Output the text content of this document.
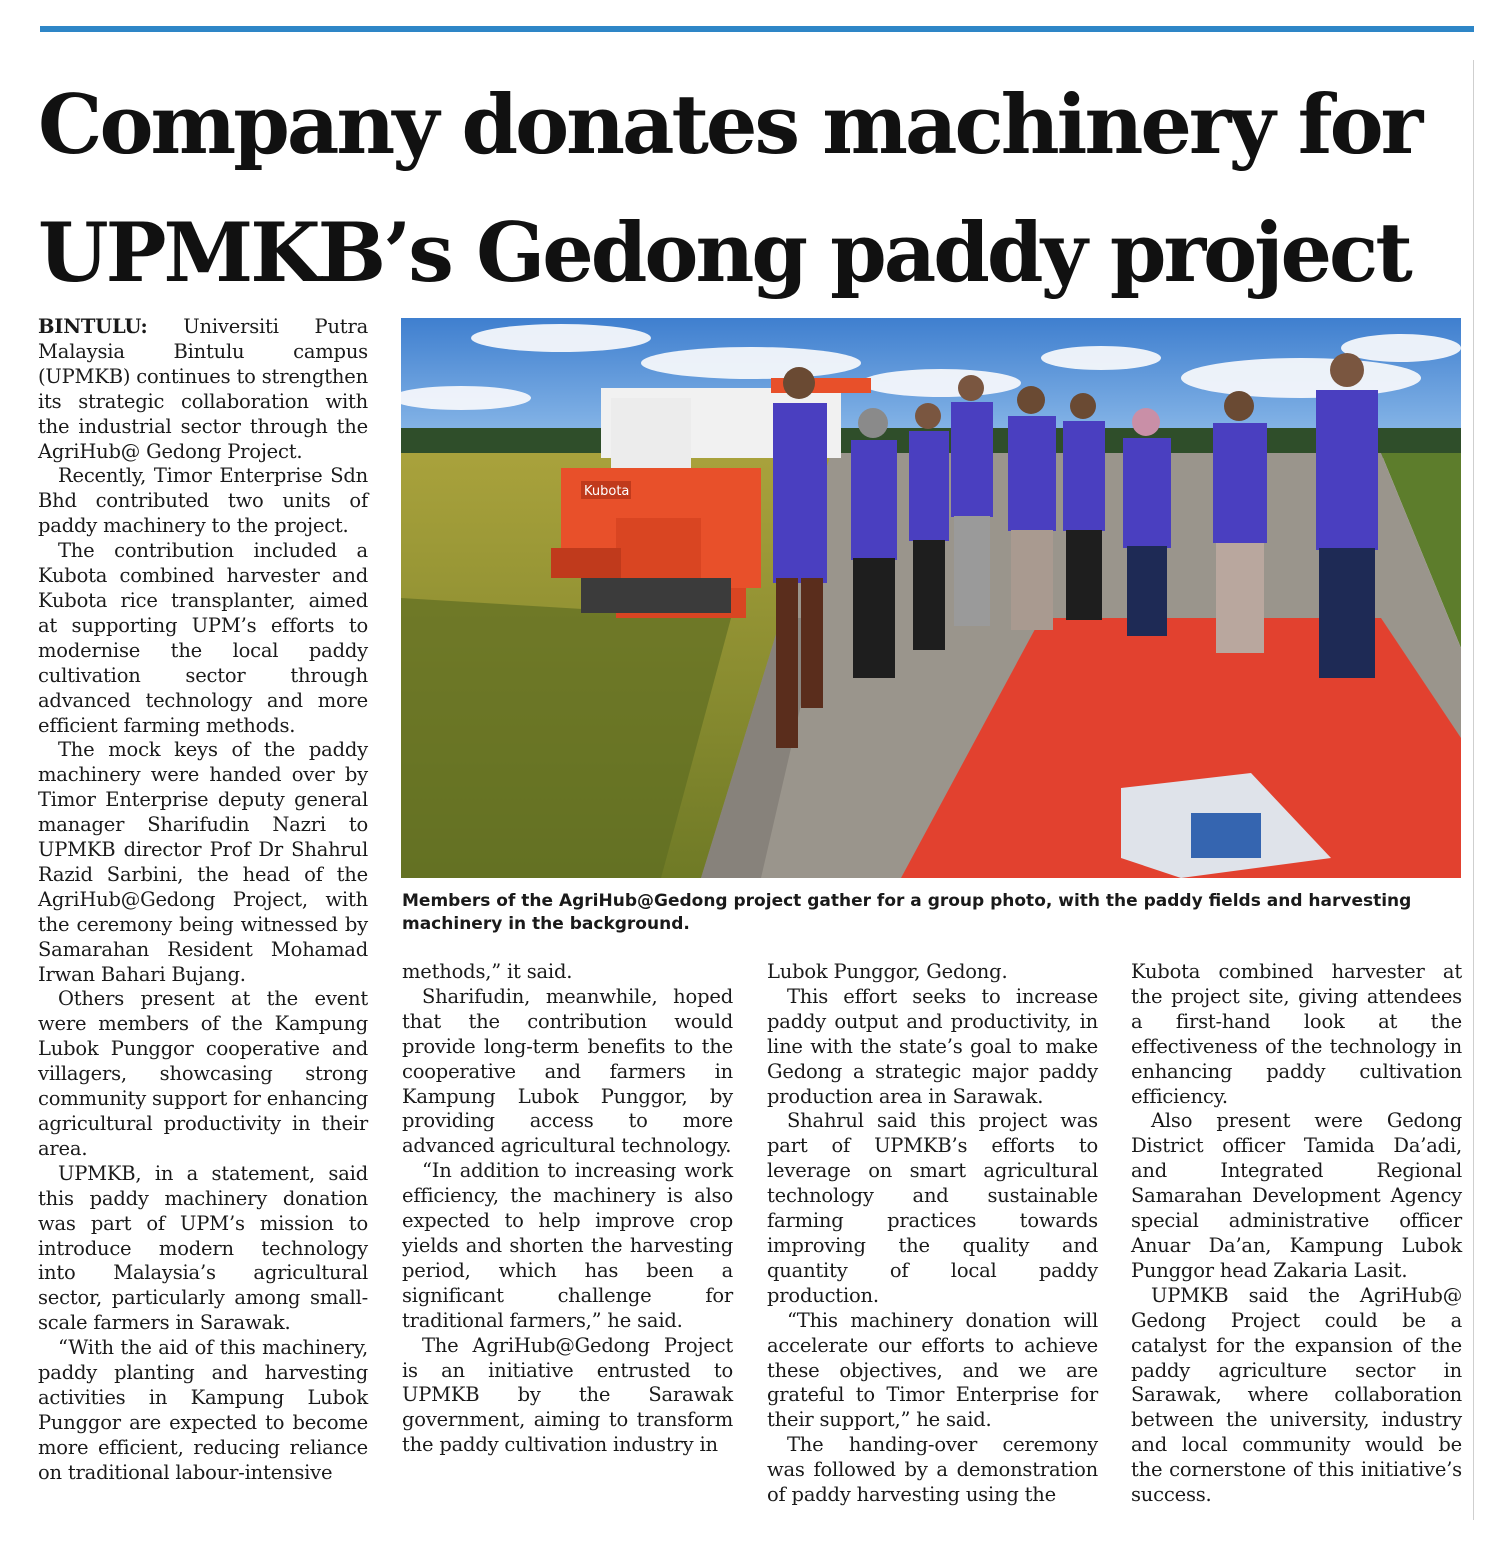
Company donates machinery for
UPMKB’s Gedong paddy project
Kubota

Members of the AgriHub@Gedong project gather for a group photo, with the paddy fields and harvesting machinery in the background.

BINTULU: Universiti Putra Malaysia Bintulu campus (UPMKB) continues to strengthen its strategic collaboration with the industrial sector through the AgriHub@ Gedong Project.

Recently, Timor Enterprise Sdn Bhd contributed two units of paddy machinery to the project.

The contribution included a Kubota combined harvester and Kubota rice transplanter, aimed at supporting UPM’s efforts to modernise the local paddy cultivation sector through advanced technology and more efficient farming methods.

The mock keys of the paddy machinery were handed over by Timor Enterprise deputy general manager Sharifudin Nazri to UPMKB director Prof Dr Shahrul Razid Sarbini, the head of the AgriHub@Gedong Project, with the ceremony being witnessed by Samarahan Resident Mohamad Irwan Bahari Bujang.

Others present at the event were members of the Kampung Lubok Punggor cooperative and villagers, showcasing strong community support for enhancing agricultural productivity in their area.

UPMKB, in a statement, said this paddy machinery donation was part of UPM’s mission to introduce modern technology into Malaysia’s agricultural sector, particularly among small-scale farmers in Sarawak.

“With the aid of this machinery, paddy planting and harvesting activities in Kampung Lubok Punggor are expected to become more efficient, reducing reliance on traditional labour-intensive

methods,” it said.

Sharifudin, meanwhile, hoped that the contribution would provide long-term benefits to the cooperative and farmers in Kampung Lubok Punggor, by providing access to more advanced agricultural technology.

“In addition to increasing work efficiency, the machinery is also expected to help improve crop yields and shorten the harvesting period, which has been a significant challenge for traditional farmers,” he said.

The AgriHub@Gedong Project is an initiative entrusted to UPMKB by the Sarawak government, aiming to transform the paddy cultivation industry in

Lubok Punggor, Gedong.

This effort seeks to increase paddy output and productivity, in line with the state’s goal to make Gedong a strategic major paddy production area in Sarawak.

Shahrul said this project was part of UPMKB’s efforts to leverage on smart agricultural technology and sustainable farming practices towards improving the quality and quantity of local paddy production.

“This machinery donation will accelerate our efforts to achieve these objectives, and we are grateful to Timor Enterprise for their support,” he said.

The handing-over ceremony was followed by a demonstration of paddy harvesting using the

Kubota combined harvester at the project site, giving attendees a first-hand look at the effectiveness of the technology in enhancing paddy cultivation efficiency.

Also present were Gedong District officer Tamida Da’adi, and Integrated Regional Samarahan Development Agency special administrative officer Anuar Da’an, Kampung Lubok Punggor head Zakaria Lasit.

UPMKB said the AgriHub@ Gedong Project could be a catalyst for the expansion of the paddy agriculture sector in Sarawak, where collaboration between the university, industry and local community would be the cornerstone of this initiative’s success.
